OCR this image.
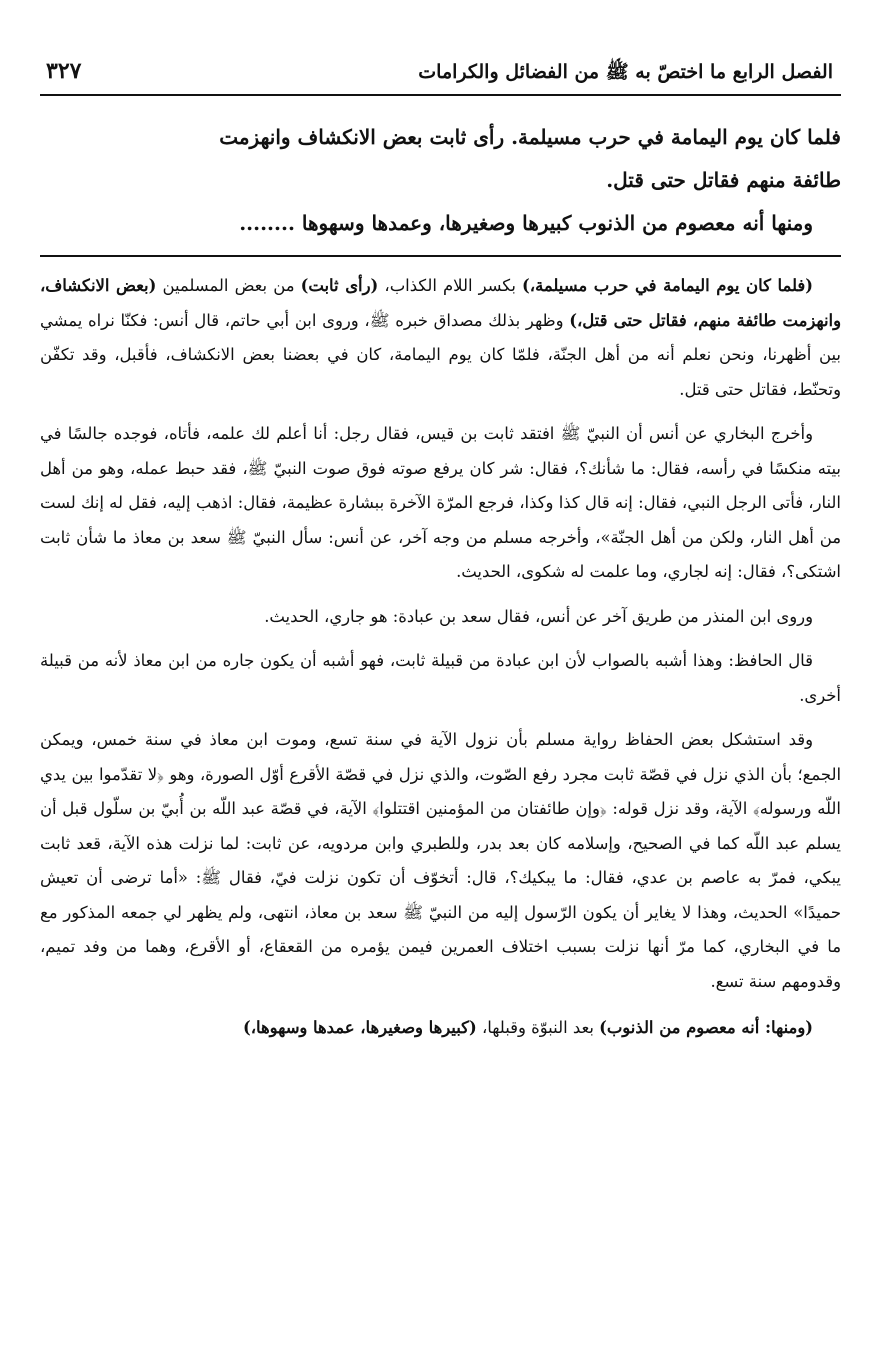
الفصل الرابع ما اختصّ به ﷺ من الفضائل والكرامات
٣٢٧

فلما كان يوم اليمامة في حرب مسيلمة. رأى ثابت بعض الانكشاف وانهزمت

طائفة منهم فقاتل حتى قتل.

ومنها أنه معصوم من الذنوب كبيرها وصغيرها، وعمدها وسهوها ........

(فلما كان يوم اليمامة في حرب مسيلمة،) بكسر اللام الكذاب، (رأى ثابت) من بعض المسلمين (بعض الانكشاف، وانهزمت طائفة منهم، فقاتل حتى قتل،) وظهر بذلك مصداق خبره ﷺ، وروى ابن أبي حاتم، قال أنس: فكنّا نراه يمشي بين أظهرنا، ونحن نعلم أنه من أهل الجنّة، فلمّا كان يوم اليمامة، كان في بعضنا بعض الانكشاف، فأقبل، وقد تكفّن وتحنّط، فقاتل حتى قتل.

وأخرج البخاري عن أنس أن النبيّ ﷺ افتقد ثابت بن قيس، فقال رجل: أنا أعلم لك علمه، فأتاه، فوجده جالسًا في بيته منكسًا في رأسه، فقال: ما شأنك؟، فقال: شر كان يرفع صوته فوق صوت النبيّ ﷺ، فقد حبط عمله، وهو من أهل النار، فأتى الرجل النبي، فقال: إنه قال كذا وكذا، فرجع المرّة الآخرة ببشارة عظيمة، فقال: اذهب إليه، فقل له إنك لست من أهل النار، ولكن من أهل الجنّة»، وأخرجه مسلم من وجه آخر، عن أنس: سأل النبيّ ﷺ سعد بن معاذ ما شأن ثابت اشتكى؟، فقال: إنه لجاري، وما علمت له شكوى، الحديث.

وروى ابن المنذر من طريق آخر عن أنس، فقال سعد بن عبادة: هو جاري، الحديث.

قال الحافظ: وهذا أشبه بالصواب لأن ابن عبادة من قبيلة ثابت، فهو أشبه أن يكون جاره من ابن معاذ لأنه من قبيلة أخرى.

وقد استشكل بعض الحفاظ رواية مسلم بأن نزول الآية في سنة تسع، وموت ابن معاذ في سنة خمس، ويمكن الجمع؛ بأن الذي نزل في قصّة ثابت مجرد رفع الصّوت، والذي نزل في قصّة الأقرع أوّل الصورة، وهو ﴿لا تقدّموا بين يدي اللّه ورسوله﴾ الآية، وقد نزل قوله: ﴿وإن طائفتان من المؤمنين اقتتلوا﴾ الآية، في قصّة عبد اللّه بن أُبيّ بن سلّول قبل أن يسلم عبد اللّه كما في الصحيح، وإسلامه كان بعد بدر، وللطبري وابن مردويه، عن ثابت: لما نزلت هذه الآية، قعد ثابت يبكي، فمرّ به عاصم بن عدي، فقال: ما يبكيك؟، قال: أتخوّف أن تكون نزلت فيّ، فقال ﷺ: «أما ترضى أن تعيش حميدًا» الحديث، وهذا لا يغاير أن يكون الرّسول إليه من النبيّ ﷺ سعد بن معاذ، انتهى، ولم يظهر لي جمعه المذكور مع ما في البخاري، كما مرّ أنها نزلت بسبب اختلاف العمرين فيمن يؤمره من القعقاع، أو الأقرع، وهما من وفد تميم، وقدومهم سنة تسع.

(ومنها: أنه معصوم من الذنوب) بعد النبوّة وقبلها، (كبيرها وصغيرها، عمدها وسهوها،)
